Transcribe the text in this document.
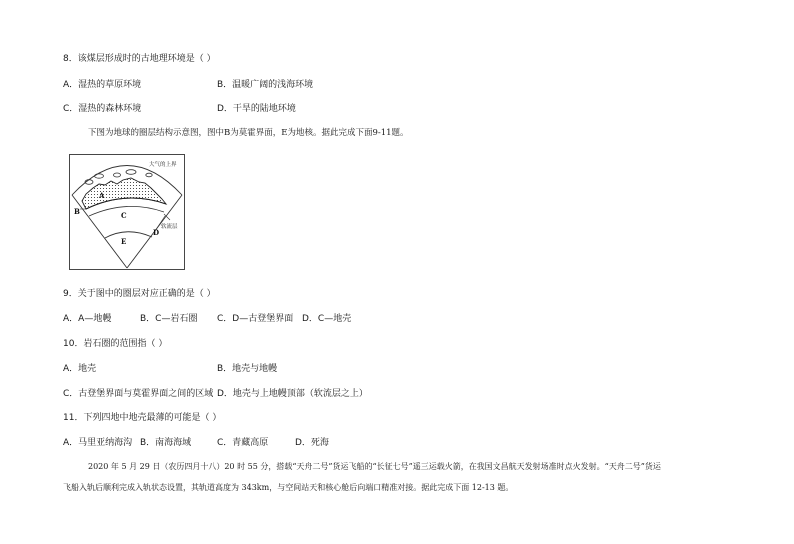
8．该煤层形成时的古地理环境是（ ）
A．湿热的草原环境	B．温暖广阔的浅海环境
C．湿热的森林环境	D．干旱的陆地环境
下图为地球的圈层结构示意图，图中B为莫霍界面，E为地核。据此完成下面9-11题。
大气的上界
A
B	C
D
E
软流层
9．关于图中的圈层对应正确的是（ ）
A．A—地幔	B．C—岩石圈 C．D—古登堡界面 D．C—地壳
10．岩石圈的范围指（ ）
A．地壳	B．地壳与地幔
C．古登堡界面与莫霍界面之间的区域 D．地壳与上地幔顶部（软流层之上）
11．下列四地中地壳最薄的可能是（ ）
A．马里亚纳海沟 B．南海海域	C．青藏高原	D．死海
2020 年 5 月 29 日（农历四月十八）20 时 55 分，搭载“天舟二号”货运飞船的“长征七号”遥三运载火箭，在我国文昌航天发射场准时点火发射。“天舟二号”货运
飞船入轨后顺利完成入轨状态设置，其轨道高度为 343km，与空间站天和核心舱后向端口精准对接。据此完成下面 12-13 题。
